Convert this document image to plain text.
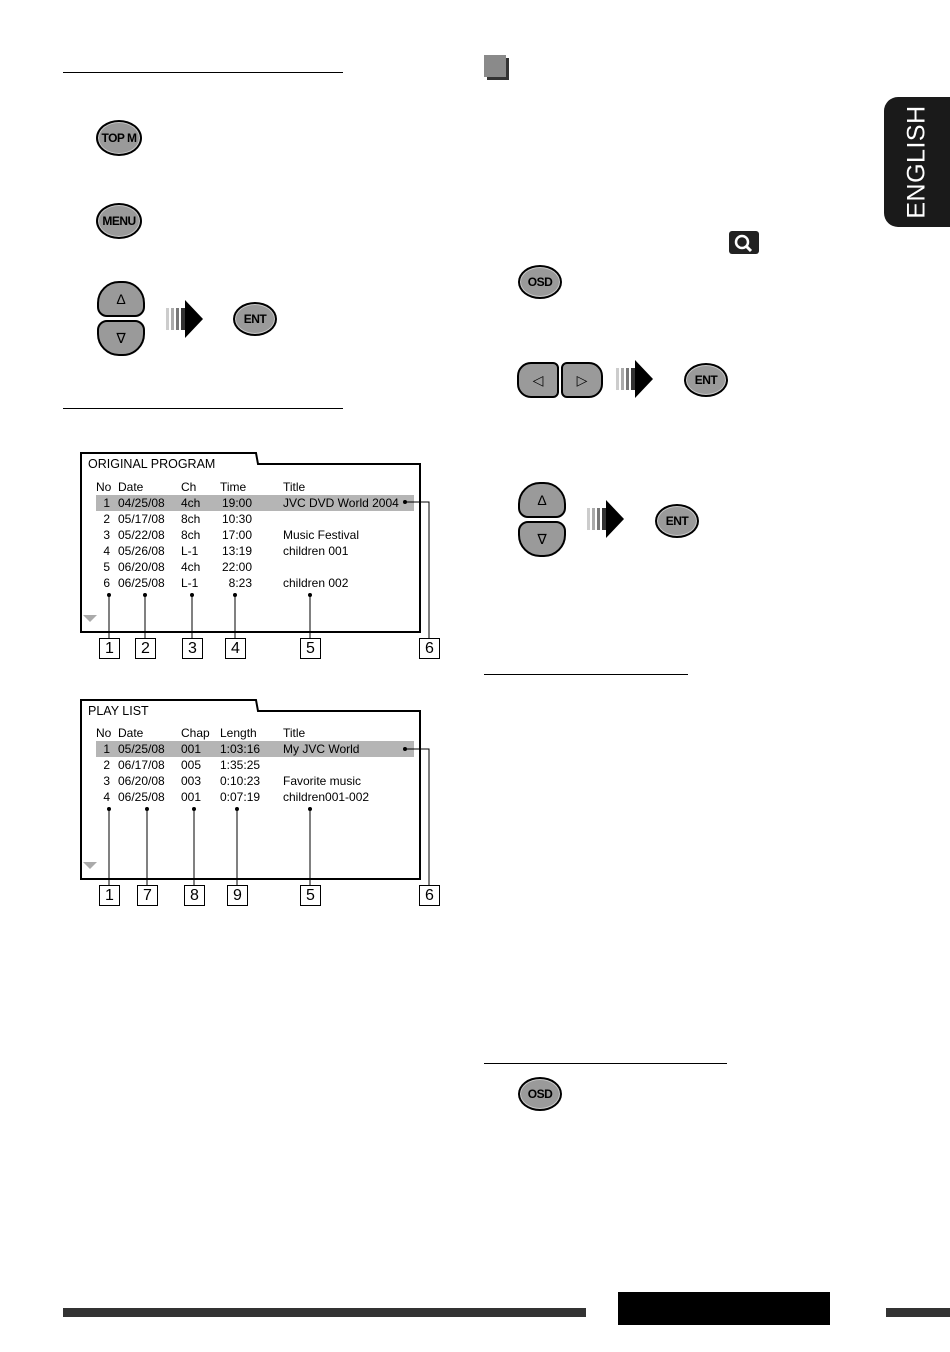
ENGLISH
TOP M
MENU
Δ
∇
ENT
OSD
◁	▷	ENT
Δ
∇
ENT
OSD
ORIGINAL PROGRAM
No Date	Ch Time	Title
1 04/25/08 4ch 19:00	JVC DVD World 2004
2 05/17/08 8ch 10:30
3 05/22/08 8ch 17:00	Music Festival
4 05/26/08 L-1 13:19	children 001
5 06/20/08 4ch 22:00
6 06/25/08 L-1	8:23	children 002
1	2	3	4	5	6
PLAY LIST
No Date	Chap Length Title
1 05/25/08 001 1:03:16 My JVC World
2 06/17/08 005 1:35:25
3 06/20/08 003 0:10:23 Favorite music
4 06/25/08 001 0:07:19 children001-002
1	7	8	9	5	6
